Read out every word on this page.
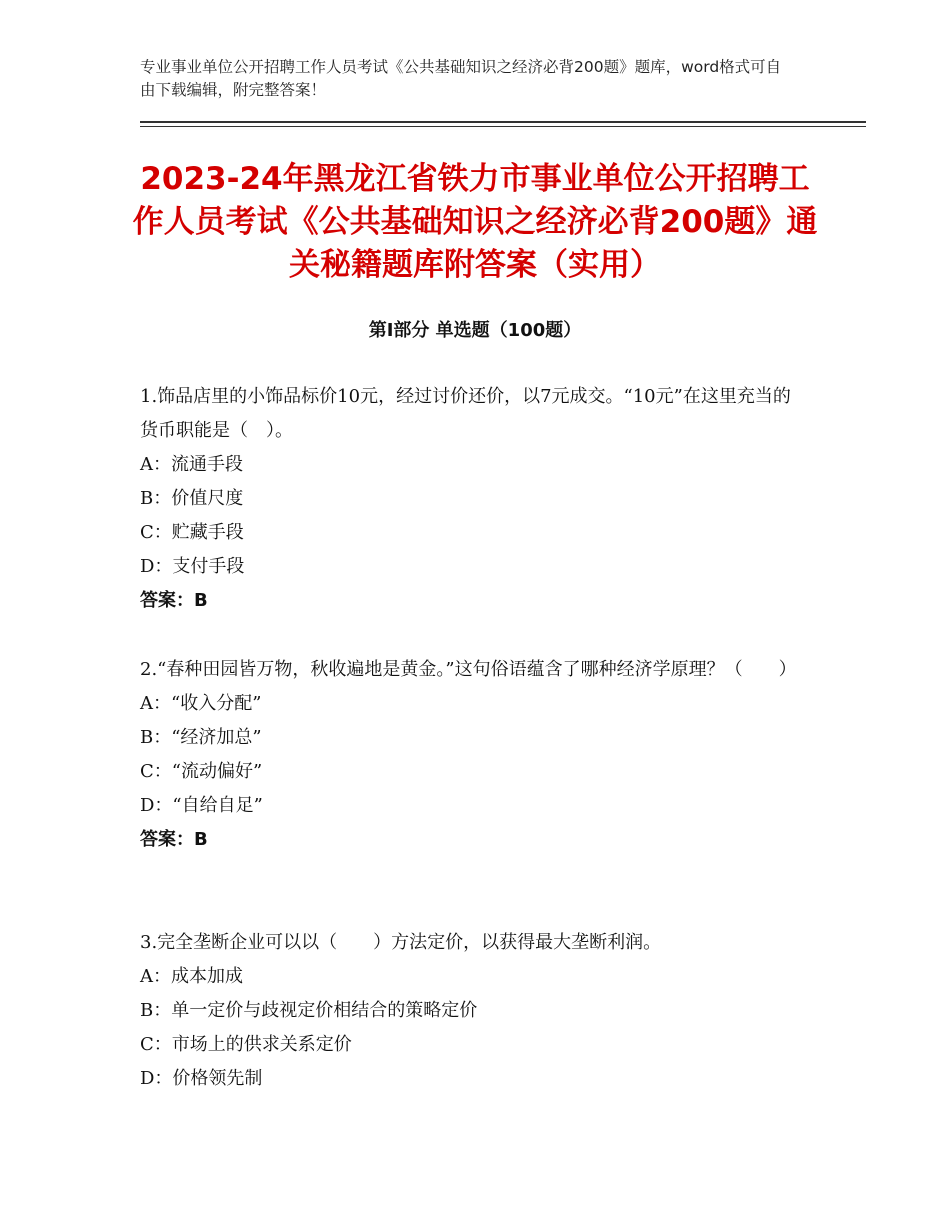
专业事业单位公开招聘工作人员考试《公共基础知识之经济必背200题》题库，word格式可自由下载编辑，附完整答案！
2023-24年黑龙江省铁力市事业单位公开招聘工作人员考试《公共基础知识之经济必背200题》通关秘籍题库附答案（实用）
第Ⅰ部分 单选题（100题）
1.饰品店里的小饰品标价10元，经过讨价还价，以7元成交。“10元”在这里充当的货币职能是（　）。
A：流通手段
B：价值尺度
C：贮藏手段
D：支付手段
答案：B
2.“春种田园皆万物，秋收遍地是黄金。”这句俗语蕴含了哪种经济学原理？（　　）
A：“收入分配”
B：“经济加总”
C：“流动偏好”
D：“自给自足”
答案：B
3.完全垄断企业可以以（　　）方法定价，以获得最大垄断利润。
A：成本加成
B：单一定价与歧视定价相结合的策略定价
C：市场上的供求关系定价
D：价格领先制
